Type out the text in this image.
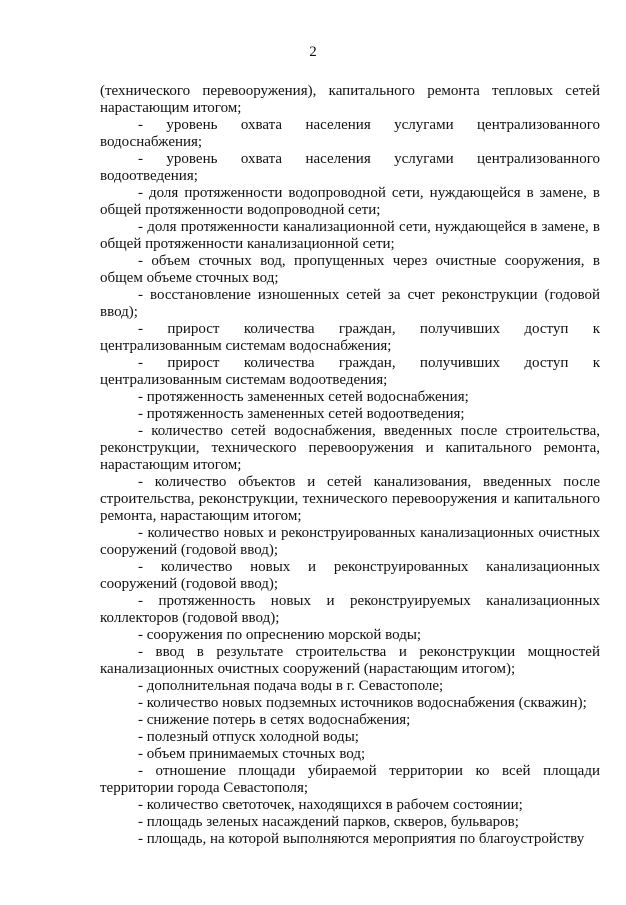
2

(технического перевооружения), капитального ремонта тепловых сетей нарастающим итогом;

- уровень охвата населения услугами централизованного водоснабжения;

- уровень охвата населения услугами централизованного водоотведения;

- доля протяженности водопроводной сети, нуждающейся в замене, в общей протяженности водопроводной сети;

- доля протяженности канализационной сети, нуждающейся в замене, в общей протяженности канализационной сети;

- объем сточных вод, пропущенных через очистные сооружения, в общем объеме сточных вод;

- восстановление изношенных сетей за счет реконструкции (годовой ввод);

- прирост количества граждан, получивших доступ к централизованным системам водоснабжения;

- прирост количества граждан, получивших доступ к централизованным системам водоотведения;

- протяженность замененных сетей водоснабжения;

- протяженность замененных сетей водоотведения;

- количество сетей водоснабжения, введенных после строительства, реконструкции, технического перевооружения и капитального ремонта, нарастающим итогом;

- количество объектов и сетей канализования, введенных после строительства, реконструкции, технического перевооружения и капитального ремонта, нарастающим итогом;

- количество новых и реконструированных канализационных очистных сооружений (годовой ввод);

- количество новых и реконструированных канализационных сооружений (годовой ввод);

- протяженность новых и реконструируемых канализационных коллекторов (годовой ввод);

- сооружения по опреснению морской воды;

- ввод в результате строительства и реконструкции мощностей канализационных очистных сооружений (нарастающим итогом);

- дополнительная подача воды в г. Севастополе;

- количество новых подземных источников водоснабжения (скважин);

- снижение потерь в сетях водоснабжения;

- полезный отпуск холодной воды;

- объем принимаемых сточных вод;

- отношение площади убираемой территории ко всей площади территории города Севастополя;

- количество светоточек, находящихся в рабочем состоянии;

- площадь зеленых насаждений парков, скверов, бульваров;

- площадь, на которой выполняются мероприятия по благоустройству
